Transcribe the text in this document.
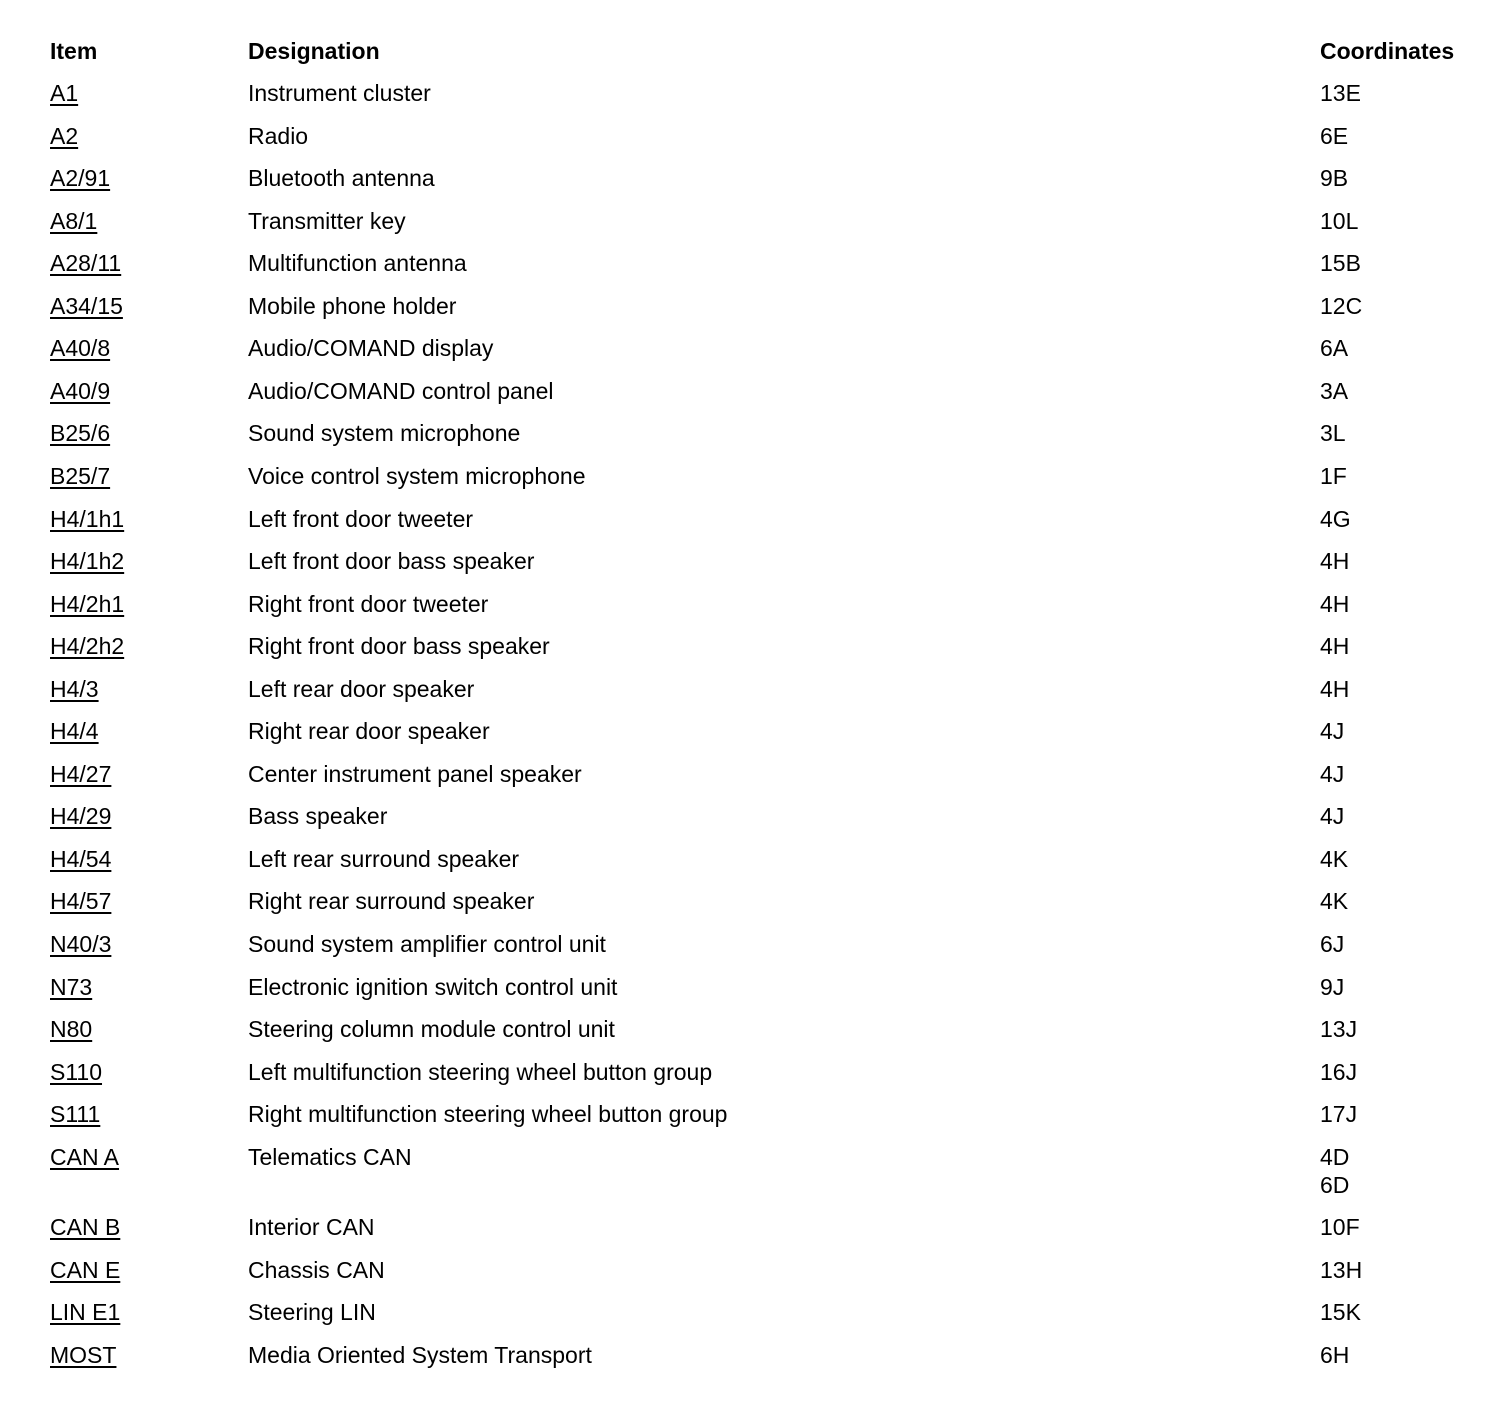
Item	Designation	Coordinates
A1	Instrument cluster	13E
A2	Radio	6E
A2/91	Bluetooth antenna	9B
A8/1	Transmitter key	10L
A28/11	Multifunction antenna	15B
A34/15	Mobile phone holder	12C
A40/8	Audio/COMAND display	6A
A40/9	Audio/COMAND control panel	3A
B25/6	Sound system microphone	3L
B25/7	Voice control system microphone	1F
H4/1h1	Left front door tweeter	4G
H4/1h2	Left front door bass speaker	4H
H4/2h1	Right front door tweeter	4H
H4/2h2	Right front door bass speaker	4H
H4/3	Left rear door speaker	4H
H4/4	Right rear door speaker	4J
H4/27	Center instrument panel speaker	4J
H4/29	Bass speaker	4J
H4/54	Left rear surround speaker	4K
H4/57	Right rear surround speaker	4K
N40/3	Sound system amplifier control unit	6J
N73	Electronic ignition switch control unit	9J
N80	Steering column module control unit	13J
S110	Left multifunction steering wheel button group	16J
S111	Right multifunction steering wheel button group	17J
CAN A	Telematics CAN	4D
6D
CAN B	Interior CAN	10F
CAN E	Chassis CAN	13H
LIN E1	Steering LIN	15K
MOST	Media Oriented System Transport	6H
